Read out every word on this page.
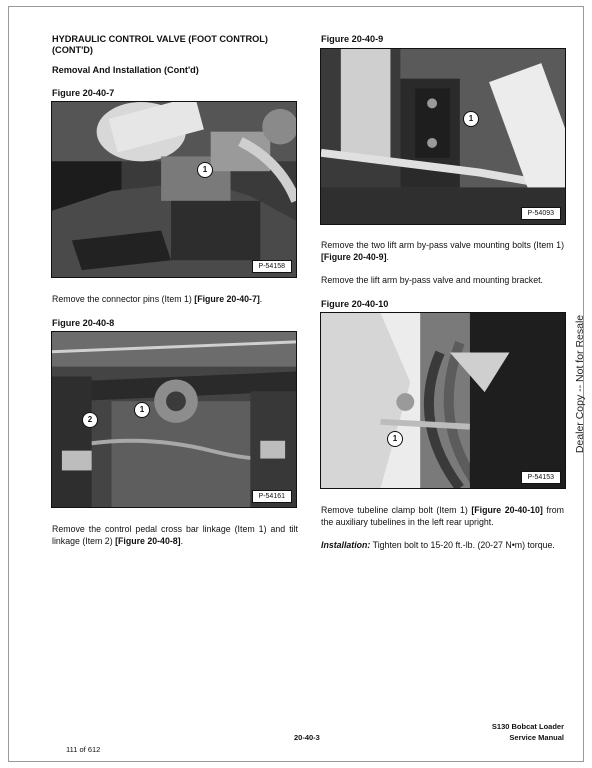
HYDRAULIC CONTROL VALVE (FOOT CONTROL) (CONT'D)
Removal And Installation (Cont'd)
Figure 20-40-7
1
P-54158
Remove the connector pins (Item 1) [Figure 20-40-7].
Figure 20-40-8
1
2
P-54161
Remove the control pedal cross bar linkage (Item 1) and tilt linkage (Item 2) [Figure 20-40-8].
Figure 20-40-9
1
P-54093
Remove the two lift arm by-pass valve mounting bolts (Item 1) [Figure 20-40-9].
Remove the lift arm by-pass valve and mounting bracket.
Figure 20-40-10
1
P-54153
Remove tubeline clamp bolt (Item 1) [Figure 20-40-10] from the auxiliary tubelines in the left rear upright.
Installation: Tighten bolt to 15-20 ft.-lb. (20-27 N•m) torque.
Dealer Copy -- Not for Resale
111 of 612
20-40-3
S130 Bobcat Loader
Service Manual
